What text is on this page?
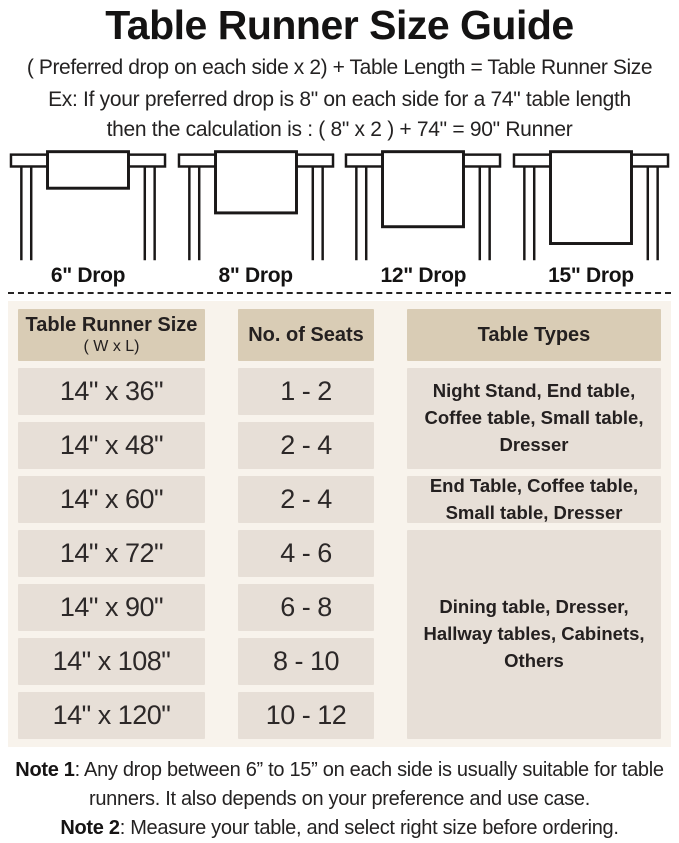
Table Runner Size Guide
( Preferred drop on each side x 2) + Table Length = Table Runner Size
Ex: If your preferred drop is 8" on each side for a 74" table length
then the calculation is : ( 8" x 2 ) + 74" = 90" Runner
6" Drop	8" Drop	12" Drop	15" Drop
Table Runner Size
( W x L)
No. of Seats	Table Types
14" x 36"	1 - 2	Night Stand, End table, Coffee table, Small table, Dresser
14" x 48"	2 - 4
14" x 60"	2 - 4	End Table, Coffee table, Small table, Dresser
14" x 72"	4 - 6
Dining table, Dresser, Hallway tables, Cabinets, Others
14" x 90"	6 - 8
14" x 108"	8 - 10
14" x 120"	10 - 12

Note 1: Any drop between 6” to 15” on each side is usually suitable for table runners. It also depends on your preference and use case.

Note 2: Measure your table, and select right size before ordering.
